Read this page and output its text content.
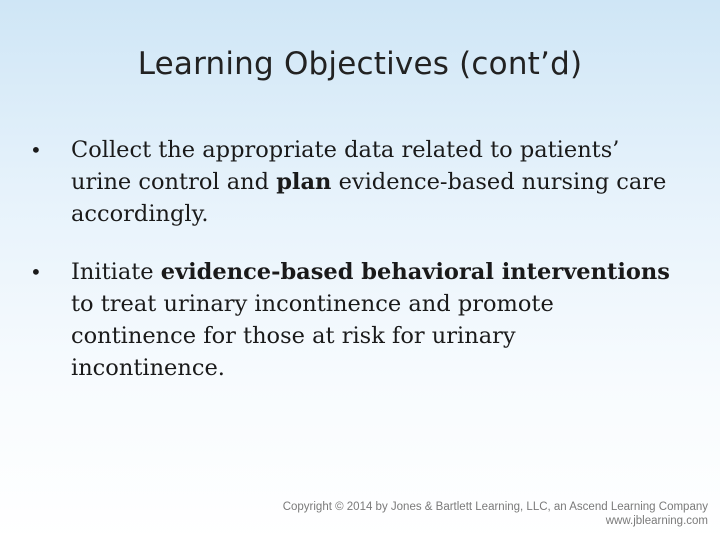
Learning Objectives (cont’d)
•	Collect the appropriate data related to patients’ urine control and plan evidence-based nursing care accordingly.
•	Initiate evidence-based behavioral interventions to treat urinary incontinence and promote continence for those at risk for urinary incontinence.
Copyright © 2014 by Jones & Bartlett Learning, LLC, an Ascend Learning Company
www.jblearning.com
